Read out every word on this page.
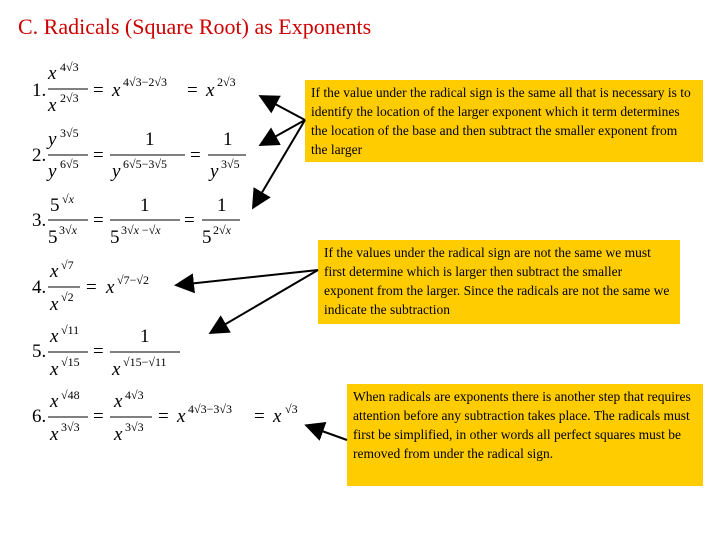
C. Radicals (Square Root) as Exponents
1.
x 4√3
x 2√3 = x 4√3−2√3 = x 2√3
2.
y 3√5
y 6√5 =
1
y 6√5−3√5 =
1
y 3√5
3.
5 √x
5 3√x =
1
5 3√x −√x =
1
5 2√x
4.
x √7
x √2 = x √7−√2
5.
x √11
x √15 =
1
x √15−√11
6.
x √48
x 3√3 =
x 4√3
x 3√3 = x 4√3−3√3 = x √3

If the value under the radical sign is the same all that is necessary is to identify the location of the larger exponent which it term determines the location of the base and then subtract the smaller exponent from the larger

If the values under the radical sign are not the same we must first determine which is larger then subtract the smaller exponent from the larger. Since the radicals are not the same we indicate the subtraction

When radicals are exponents there is another step that requires attention before any subtraction takes place. The radicals must first be simplified, in other words all perfect squares must be removed from under the radical sign.
